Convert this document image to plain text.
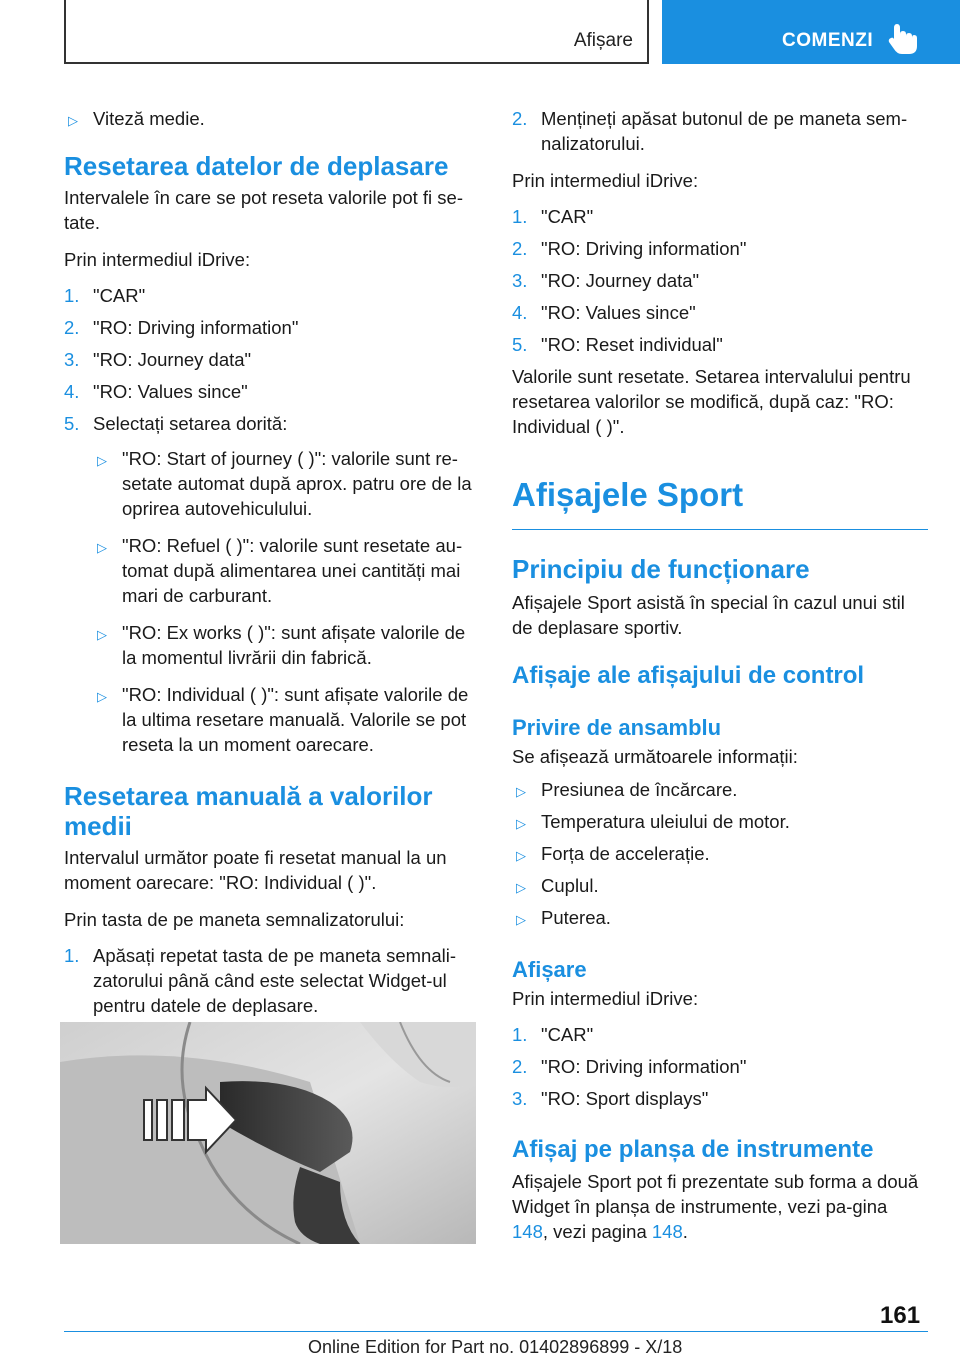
Afișare	COMENZI
▷ Viteză medie.
Resetarea datelor de deplasare

Intervalele în care se pot reseta valorile pot fi se-tate.

Prin intermediul iDrive:

1. "CAR"
2. "RO: Driving information"
3. "RO: Journey data"
4. "RO: Values since"
5. Selectați setarea dorită:
▷ "RO: Start of journey ( )": valorile sunt re-setate automat după aprox. patru ore de la oprirea autovehiculului.
▷ "RO: Refuel ( )": valorile sunt resetate au-tomat după alimentarea unei cantități mai mari de carburant.
▷ "RO: Ex works ( )": sunt afișate valorile de la momentul livrării din fabrică.
▷ "RO: Individual ( )": sunt afișate valorile de la ultima resetare manuală. Valorile se pot reseta la un moment oarecare.
Resetarea manuală a valorilor medii

Intervalul următor poate fi resetat manual la un moment oarecare: "RO: Individual ( )".

Prin tasta de pe maneta semnalizatorului:

1. Apăsați repetat tasta de pe maneta semnali-zatorului până când este selectat Widget-ul pentru datele de deplasare.
2. Mențineți apăsat butonul de pe maneta sem-nalizatorului.

Prin intermediul iDrive:

1. "CAR"
2. "RO: Driving information"
3. "RO: Journey data"
4. "RO: Values since"
5. "RO: Reset individual"

Valorile sunt resetate. Setarea intervalului pentru resetarea valorilor se modifică, după caz: "RO: Individual ( )".

Afișajele Sport
Principiu de funcționare

Afișajele Sport asistă în special în cazul unui stil de deplasare sportiv.

Afișaje ale afișajului de control
Privire de ansamblu

Se afișează următoarele informații:

▷ Presiunea de încărcare.
▷ Temperatura uleiului de motor.
▷ Forța de accelerație.
▷ Cuplul.
▷ Puterea.
Afișare

Prin intermediul iDrive:

1. "CAR"
2. "RO: Driving information"
3. "RO: Sport displays"
Afișaj pe planșa de instrumente

Afișajele Sport pot fi prezentate sub forma a două Widget în planșa de instrumente, vezi pa-gina 148, vezi pagina 148.

161
Online Edition for Part no. 01402896899 - X/18
